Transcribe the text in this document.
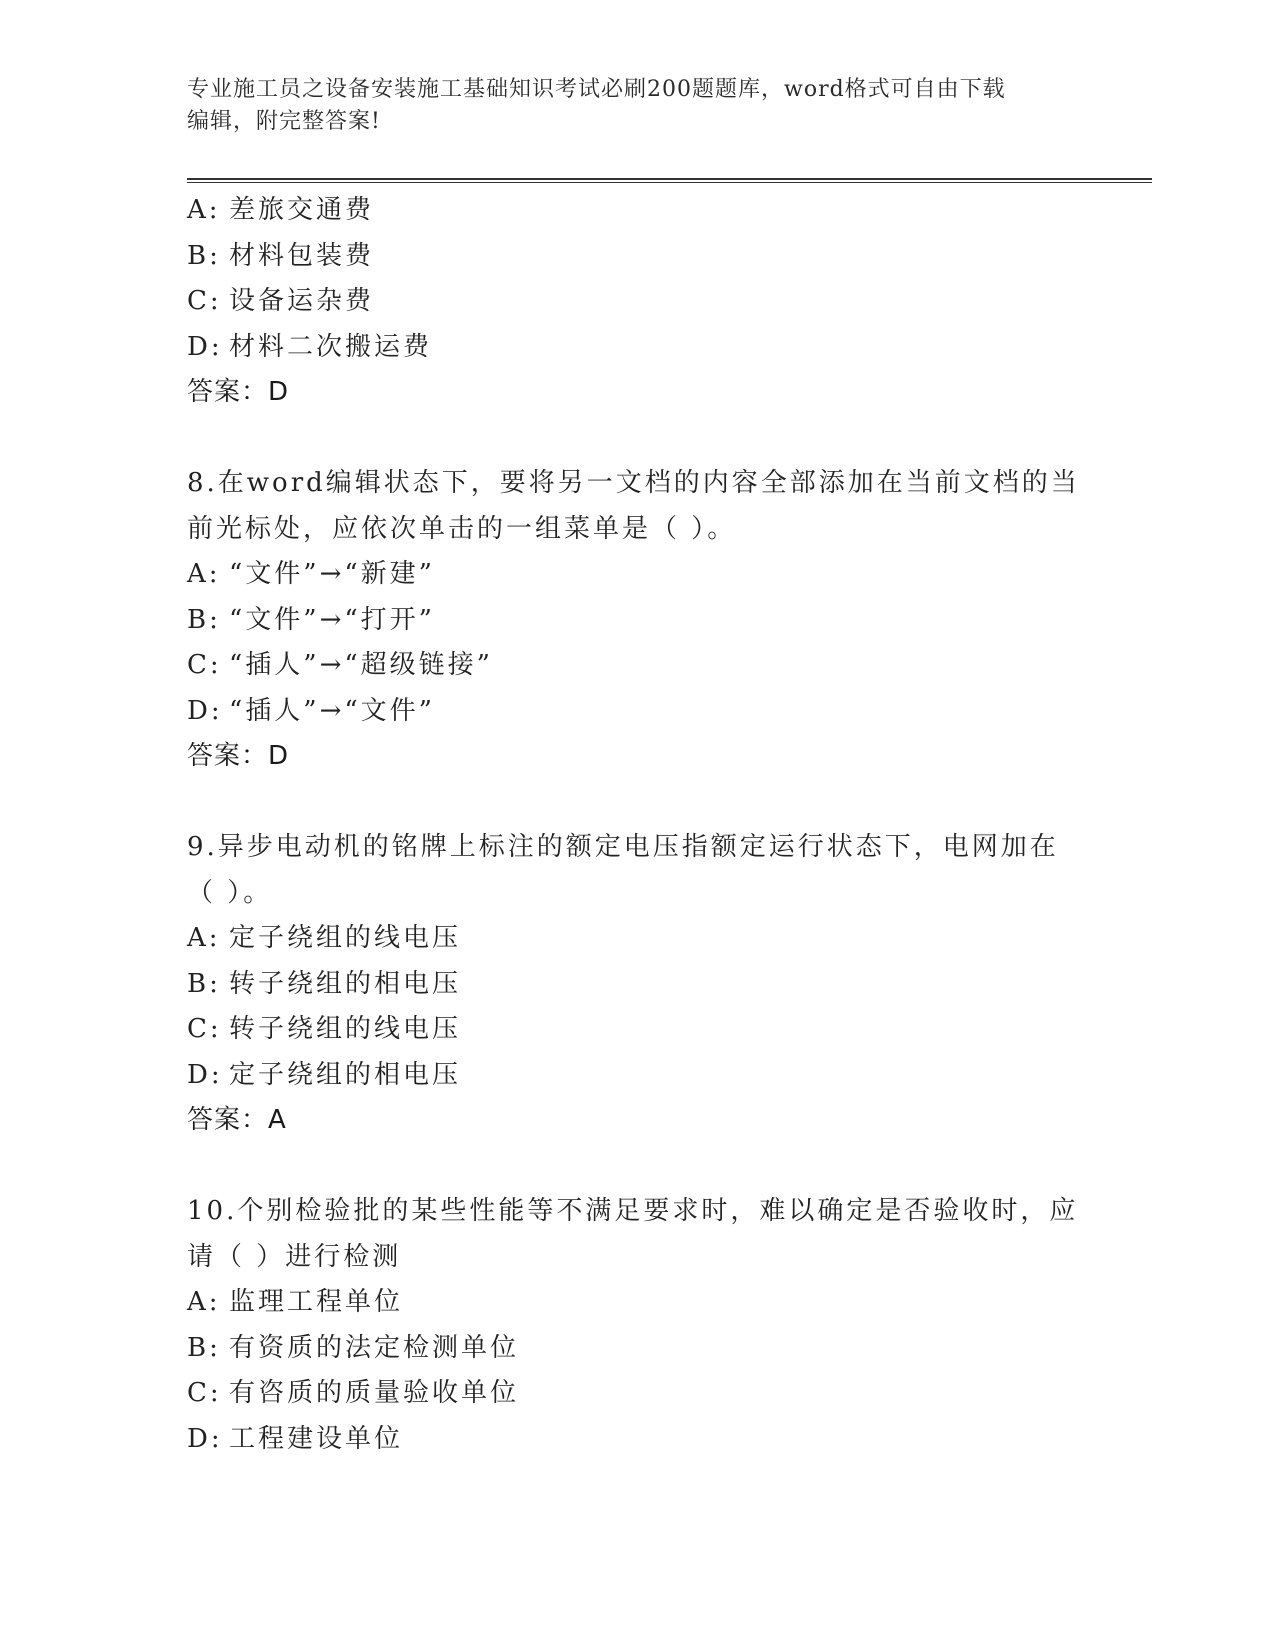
专业施工员之设备安装施工基础知识考试必刷200题题库，word格式可自由下载
编辑，附完整答案!
A: 差旅交通费
B: 材料包装费
C: 设备运杂费
D: 材料二次搬运费
答案：D
8.在word编辑状态下，要将另一文档的内容全部添加在当前文档的当
前光标处，应依次单击的一组菜单是（ ）。
A: “文件”→“新建”
B: “文件”→“打开”
C: “插人”→“超级链接”
D: “插人”→“文件”
答案：D
9.异步电动机的铭牌上标注的额定电压指额定运行状态下，电网加在
（ ）。
A: 定子绕组的线电压
B: 转子绕组的相电压
C: 转子绕组的线电压
D: 定子绕组的相电压
答案：A
10.个别检验批的某些性能等不满足要求时，难以确定是否验收时，应
请（ ）进行检测
A: 监理工程单位
B: 有资质的法定检测单位
C: 有咨质的质量验收单位
D: 工程建设单位
